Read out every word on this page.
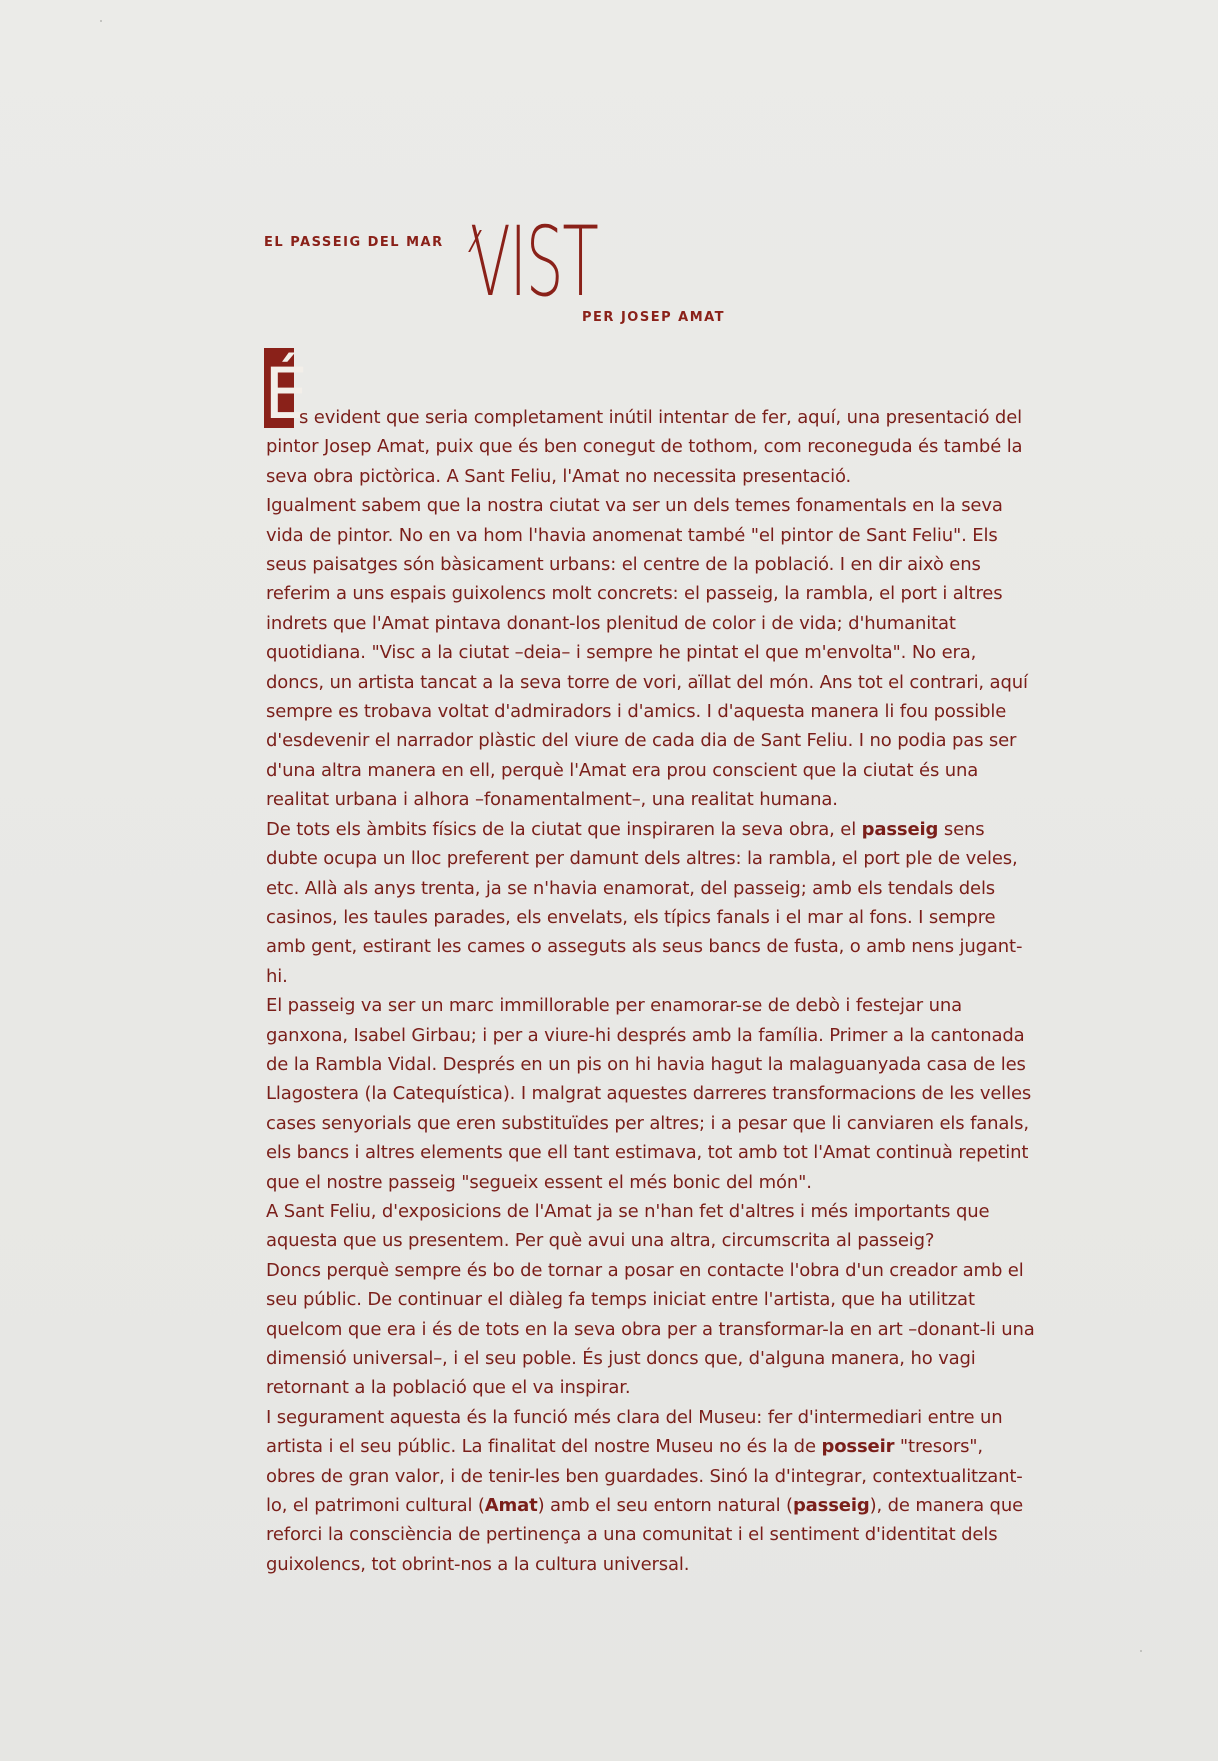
EL PASSEIG DEL MAR VIST
PER JOSEP AMAT
É

s evident que seria completament inútil intentar de fer, aquí, una presentació del pintor Josep Amat, puix que és ben conegut de tothom, com reconeguda és també la seva obra pictòrica. A Sant Feliu, l'Amat no necessita presentació.

Igualment sabem que la nostra ciutat va ser un dels temes fonamentals en la seva vida de pintor. No en va hom l'havia anomenat també "el pintor de Sant Feliu". Els seus paisatges són bàsicament urbans: el centre de la població. I en dir això ens referim a uns espais guixolencs molt concrets: el passeig, la rambla, el port i altres indrets que l'Amat pintava donant-los plenitud de color i de vida; d'humanitat quotidiana. "Visc a la ciutat –deia– i sempre he pintat el que m'envolta". No era, doncs, un artista tancat a la seva torre de vori, aïllat del món. Ans tot el contrari, aquí sempre es trobava voltat d'admiradors i d'amics. I d'aquesta manera li fou possible d'esdevenir el narrador plàstic del viure de cada dia de Sant Feliu. I no podia pas ser d'una altra manera en ell, perquè l'Amat era prou conscient que la ciutat és una realitat urbana i alhora –fonamentalment–, una realitat humana.

De tots els àmbits físics de la ciutat que inspiraren la seva obra, el passeig sens dubte ocupa un lloc preferent per damunt dels altres: la rambla, el port ple de veles, etc. Allà als anys trenta, ja se n'havia enamorat, del passeig; amb els tendals dels casinos, les taules parades, els envelats, els típics fanals i el mar al fons. I sempre amb gent, estirant les cames o asseguts als seus bancs de fusta, o amb nens jugant-hi.

El passeig va ser un marc immillorable per enamorar-se de debò i festejar una ganxona, Isabel Girbau; i per a viure-hi després amb la família. Primer a la cantonada de la Rambla Vidal. Després en un pis on hi havia hagut la malaguanyada casa de les Llagostera (la Catequística). I malgrat aquestes darreres transformacions de les velles cases senyorials que eren substituïdes per altres; i a pesar que li canviaren els fanals, els bancs i altres elements que ell tant estimava, tot amb tot l'Amat continuà repetint que el nostre passeig "segueix essent el més bonic del món".

A Sant Feliu, d'exposicions de l'Amat ja se n'han fet d'altres i més importants que aquesta que us presentem. Per què avui una altra, circumscrita al passeig?

Doncs perquè sempre és bo de tornar a posar en contacte l'obra d'un creador amb el seu públic. De continuar el diàleg fa temps iniciat entre l'artista, que ha utilitzat quelcom que era i és de tots en la seva obra per a transformar-la en art –donant-li una dimensió universal–, i el seu poble. És just doncs que, d'alguna manera, ho vagi retornant a la població que el va inspirar.

I segurament aquesta és la funció més clara del Museu: fer d'intermediari entre un artista i el seu públic. La finalitat del nostre Museu no és la de posseir "tresors", obres de gran valor, i de tenir-les ben guardades. Sinó la d'integrar, contextualitzant-lo, el patrimoni cultural (Amat) amb el seu entorn natural (passeig), de manera que reforci la consciència de pertinença a una comunitat i el sentiment d'identitat dels guixolencs, tot obrint-nos a la cultura universal.
